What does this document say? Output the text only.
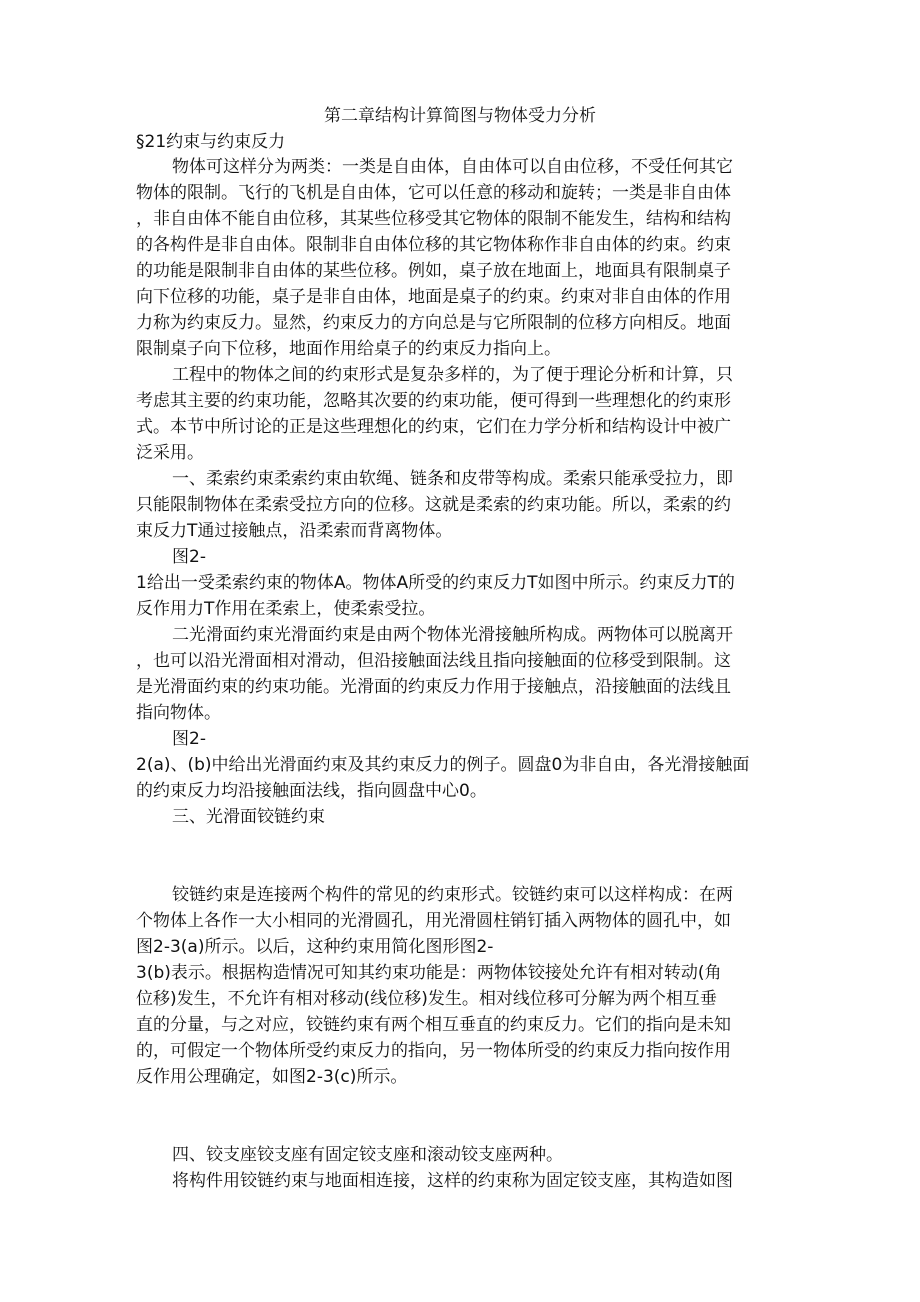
第二章结构计算简图与物体受力分析
§21约束与约束反力
物体可这样分为两类：一类是自由体，自由体可以自由位移，不受任何其它
物体的限制。飞行的飞机是自由体，它可以任意的移动和旋转；一类是非自由体
，非自由体不能自由位移，其某些位移受其它物体的限制不能发生，结构和结构
的各构件是非自由体。限制非自由体位移的其它物体称作非自由体的约束。约束
的功能是限制非自由体的某些位移。例如，桌子放在地面上，地面具有限制桌子
向下位移的功能，桌子是非自由体，地面是桌子的约束。约束对非自由体的作用
力称为约束反力。显然，约束反力的方向总是与它所限制的位移方向相反。地面
限制桌子向下位移，地面作用给桌子的约束反力指向上。
工程中的物体之间的约束形式是复杂多样的，为了便于理论分析和计算，只
考虑其主要的约束功能，忽略其次要的约束功能，便可得到一些理想化的约束形
式。本节中所讨论的正是这些理想化的约束，它们在力学分析和结构设计中被广
泛采用。
一、柔索约束柔索约束由软绳、链条和皮带等构成。柔索只能承受拉力，即
只能限制物体在柔索受拉方向的位移。这就是柔索的约束功能。所以，柔索的约
束反力T通过接触点，沿柔索而背离物体。
图2-
1给出一受柔索约束的物体A。物体A所受的约束反力T如图中所示。约束反力T的
反作用力T作用在柔索上，使柔索受拉。
二光滑面约束光滑面约束是由两个物体光滑接触所构成。两物体可以脱离开
，也可以沿光滑面相对滑动，但沿接触面法线且指向接触面的位移受到限制。这
是光滑面约束的约束功能。光滑面的约束反力作用于接触点，沿接触面的法线且
指向物体。
图2-
2(a)、(b)中给出光滑面约束及其约束反力的例子。圆盘0为非自由，各光滑接触面
的约束反力均沿接触面法线，指向圆盘中心0。
三、光滑面铰链约束
铰链约束是连接两个构件的常见的约束形式。铰链约束可以这样构成：在两
个物体上各作一大小相同的光滑圆孔，用光滑圆柱销钉插入两物体的圆孔中，如
图2-3(a)所示。以后，这种约束用简化图形图2-
3(b)表示。根据构造情况可知其约束功能是：两物体铰接处允许有相对转动(角
位移)发生，不允许有相对移动(线位移)发生。相对线位移可分解为两个相互垂
直的分量，与之对应，铰链约束有两个相互垂直的约束反力。它们的指向是未知
的，可假定一个物体所受约束反力的指向，另一物体所受的约束反力指向按作用
反作用公理确定，如图2-3(c)所示。
四、铰支座铰支座有固定铰支座和滚动铰支座两种。
将构件用铰链约束与地面相连接，这样的约束称为固定铰支座，其构造如图
